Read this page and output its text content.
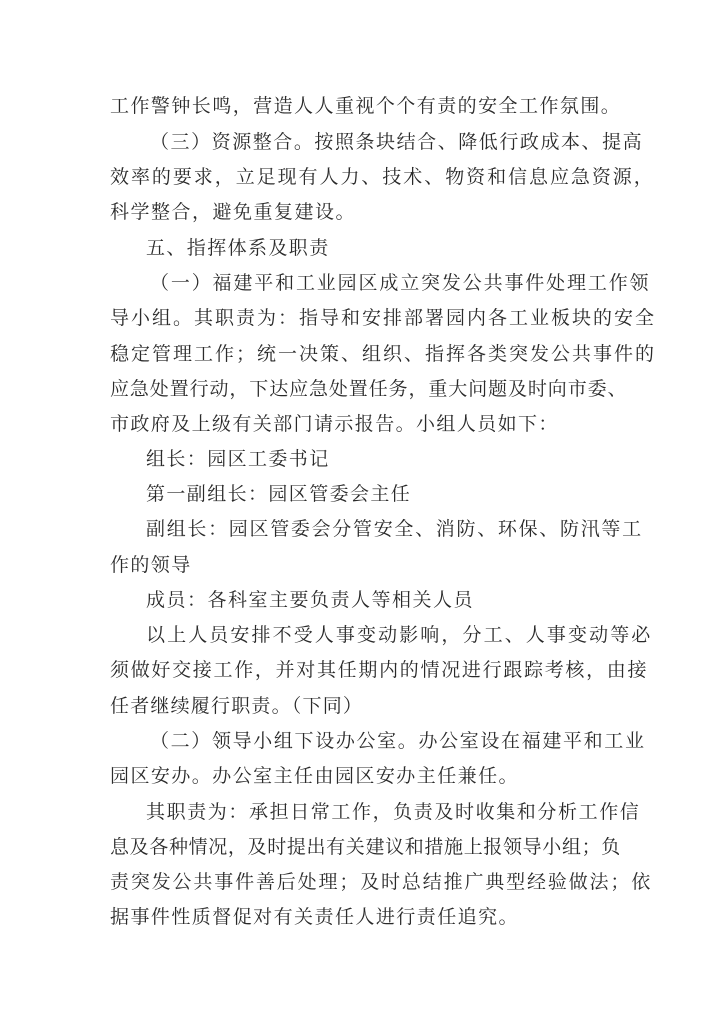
工作警钟长鸣，营造人人重视个个有责的安全工作氛围。

（三）资源整合。按照条块结合、降低行政成本、提高

效率的要求，立足现有人力、技术、物资和信息应急资源，

科学整合，避免重复建设。

五、指挥体系及职责

（一）福建平和工业园区成立突发公共事件处理工作领

导小组。其职责为：指导和安排部署园内各工业板块的安全

稳定管理工作；统一决策、组织、指挥各类突发公共事件的

应急处置行动，下达应急处置任务，重大问题及时向市委、

市政府及上级有关部门请示报告。小组人员如下：

组长：园区工委书记

第一副组长：园区管委会主任

副组长：园区管委会分管安全、消防、环保、防汛等工

作的领导

成员：各科室主要负责人等相关人员

以上人员安排不受人事变动影响，分工、人事变动等必

须做好交接工作，并对其任期内的情况进行跟踪考核，由接

任者继续履行职责。（下同）

（二）领导小组下设办公室。办公室设在福建平和工业

园区安办。办公室主任由园区安办主任兼任。

其职责为：承担日常工作，负责及时收集和分析工作信

息及各种情况，及时提出有关建议和措施上报领导小组；负

责突发公共事件善后处理；及时总结推广典型经验做法；依

据事件性质督促对有关责任人进行责任追究。
